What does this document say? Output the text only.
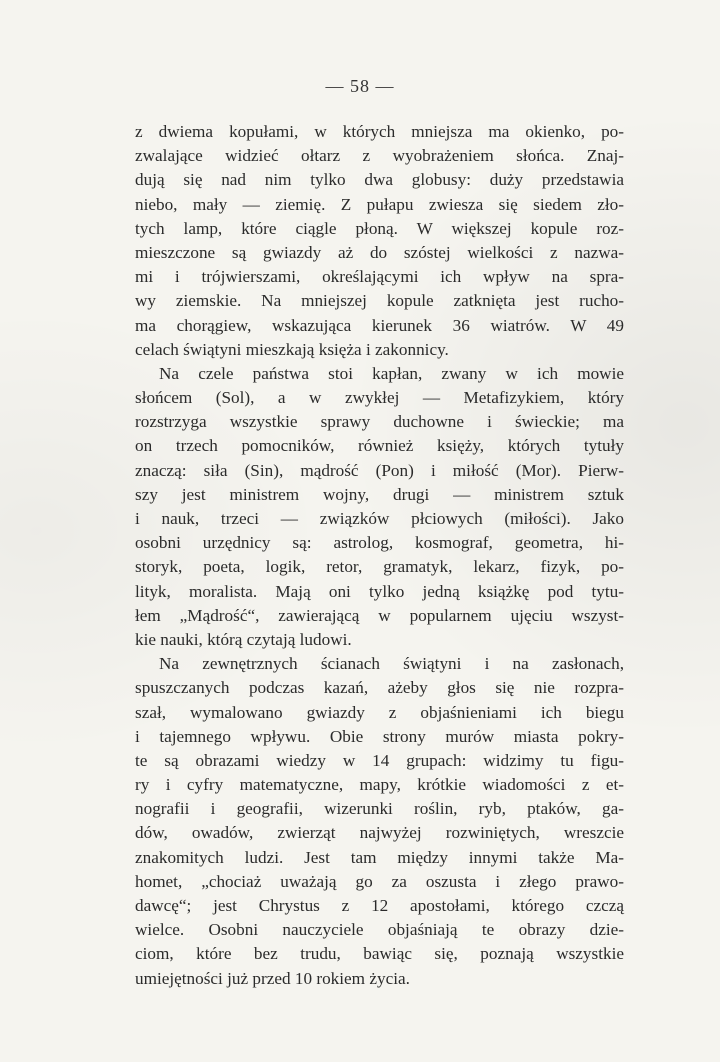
— 58 —
z dwiema kopułami, w których mniejsza ma okienko, po-
zwalające widzieć ołtarz z wyobrażeniem słońca. Znaj-
dują się nad nim tylko dwa globusy: duży przedstawia
niebo, mały — ziemię. Z pułapu zwiesza się siedem zło-
tych lamp, które ciągle płoną. W większej kopule roz-
mieszczone są gwiazdy aż do szóstej wielkości z nazwa-
mi i trójwierszami, określającymi ich wpływ na spra-
wy ziemskie. Na mniejszej kopule zatknięta jest rucho-
ma chorągiew, wskazująca kierunek 36 wiatrów. W 49
celach świątyni mieszkają księża i zakonnicy.
Na czele państwa stoi kapłan, zwany w ich mowie
słońcem (Sol), a w zwykłej — Metafizykiem, który
rozstrzyga wszystkie sprawy duchowne i świeckie; ma
on trzech pomocników, również księży, których tytuły
znaczą: siła (Sin), mądrość (Pon) i miłość (Mor). Pierw-
szy jest ministrem wojny, drugi — ministrem sztuk
i nauk, trzeci — związków płciowych (miłości). Jako
osobni urzędnicy są: astrolog, kosmograf, geometra, hi-
storyk, poeta, logik, retor, gramatyk, lekarz, fizyk, po-
lityk, moralista. Mają oni tylko jedną książkę pod tytu-
łem „Mądrość“, zawierającą w popularnem ujęciu wszyst-
kie nauki, którą czytają ludowi.
Na zewnętrznych ścianach świątyni i na zasłonach,
spuszczanych podczas kazań, ażeby głos się nie rozpra-
szał, wymalowano gwiazdy z objaśnieniami ich biegu
i tajemnego wpływu. Obie strony murów miasta pokry-
te są obrazami wiedzy w 14 grupach: widzimy tu figu-
ry i cyfry matematyczne, mapy, krótkie wiadomości z et-
nografii i geografii, wizerunki roślin, ryb, ptaków, ga-
dów, owadów, zwierząt najwyżej rozwiniętych, wreszcie
znakomitych ludzi. Jest tam między innymi także Ma-
homet, „chociaż uważają go za oszusta i złego prawo-
dawcę“; jest Chrystus z 12 apostołami, którego czczą
wielce. Osobni nauczyciele objaśniają te obrazy dzie-
ciom, które bez trudu, bawiąc się, poznają wszystkie
umiejętności już przed 10 rokiem życia.
